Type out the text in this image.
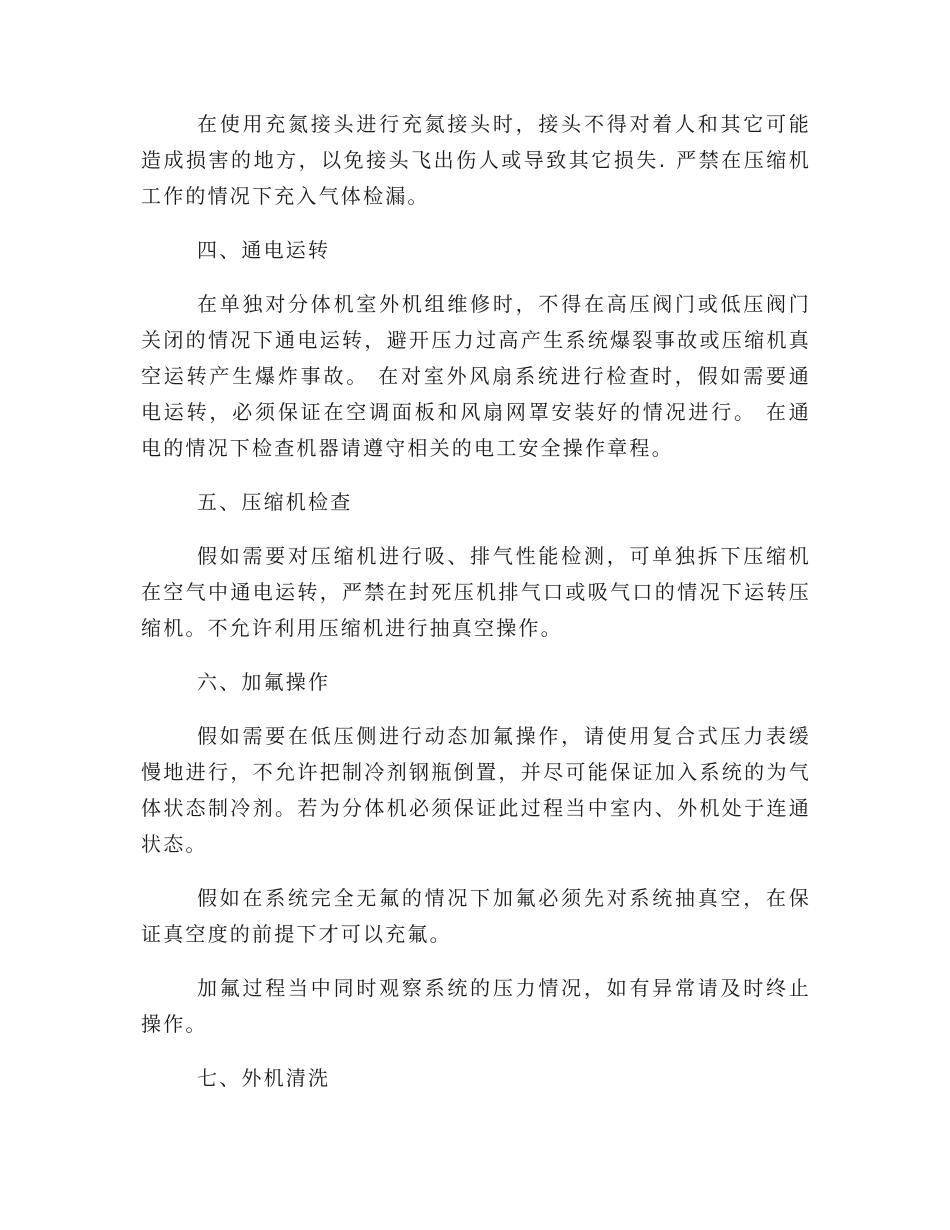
在使用充氮接头进行充氮接头时，接头不得对着人和其它可能造成损害的地方，以免接头飞出伤人或导致其它损失. 严禁在压缩机工作的情况下充入气体检漏。

四、通电运转

在单独对分体机室外机组维修时，不得在高压阀门或低压阀门关闭的情况下通电运转，避开压力过高产生系统爆裂事故或压缩机真空运转产生爆炸事故。 在对室外风扇系统进行检查时，假如需要通电运转，必须保证在空调面板和风扇网罩安装好的情况进行。 在通电的情况下检查机器请遵守相关的电工安全操作章程。

五、压缩机检查

假如需要对压缩机进行吸、排气性能检测，可单独拆下压缩机在空气中通电运转，严禁在封死压机排气口或吸气口的情况下运转压缩机。不允许利用压缩机进行抽真空操作。

六、加氟操作

假如需要在低压侧进行动态加氟操作，请使用复合式压力表缓慢地进行，不允许把制冷剂钢瓶倒置，并尽可能保证加入系统的为气体状态制冷剂。若为分体机必须保证此过程当中室内、外机处于连通状态。

假如在系统完全无氟的情况下加氟必须先对系统抽真空，在保证真空度的前提下才可以充氟。

加氟过程当中同时观察系统的压力情况，如有异常请及时终止操作。

七、外机清洗
